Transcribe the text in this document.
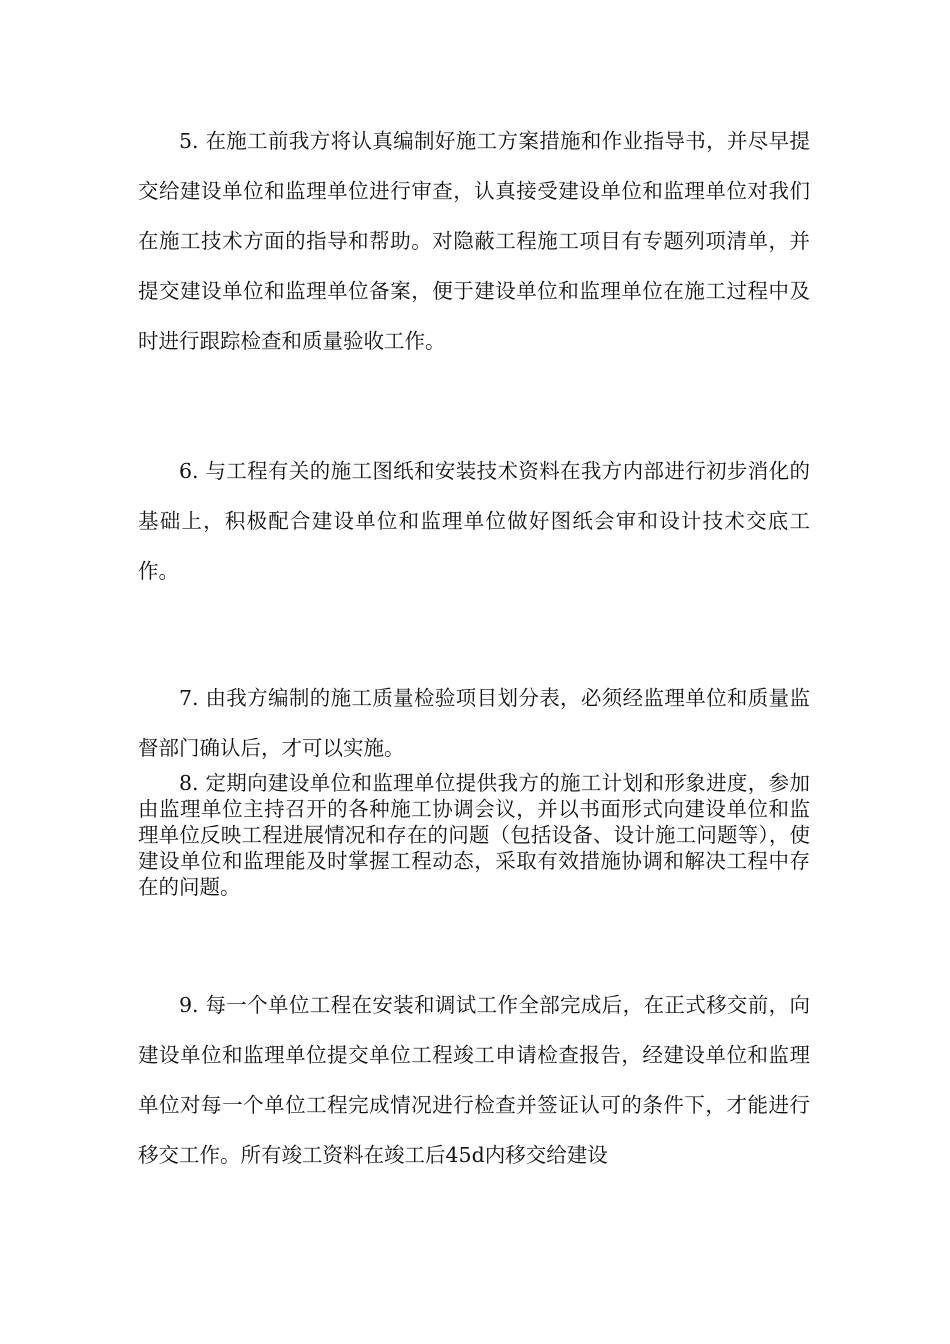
5. 在施工前我方将认真编制好施工方案措施和作业指导书，并尽早提交给建设单位和监理单位进行审查，认真接受建设单位和监理单位对我们在施工技术方面的指导和帮助。对隐蔽工程施工项目有专题列项清单，并提交建设单位和监理单位备案，便于建设单位和监理单位在施工过程中及时进行跟踪检查和质量验收工作。

6. 与工程有关的施工图纸和安装技术资料在我方内部进行初步消化的基础上，积极配合建设单位和监理单位做好图纸会审和设计技术交底工作。

7. 由我方编制的施工质量检验项目划分表，必须经监理单位和质量监督部门确认后，才可以实施。

8. 定期向建设单位和监理单位提供我方的施工计划和形象进度，参加由监理单位主持召开的各种施工协调会议，并以书面形式向建设单位和监理单位反映工程进展情况和存在的问题（包括设备、设计施工问题等），使建设单位和监理能及时掌握工程动态，采取有效措施协调和解决工程中存在的问题。

9. 每一个单位工程在安装和调试工作全部完成后，在正式移交前，向建设单位和监理单位提交单位工程竣工申请检查报告，经建设单位和监理单位对每一个单位工程完成情况进行检查并签证认可的条件下，才能进行移交工作。所有竣工资料在竣工后45d内移交给建设
